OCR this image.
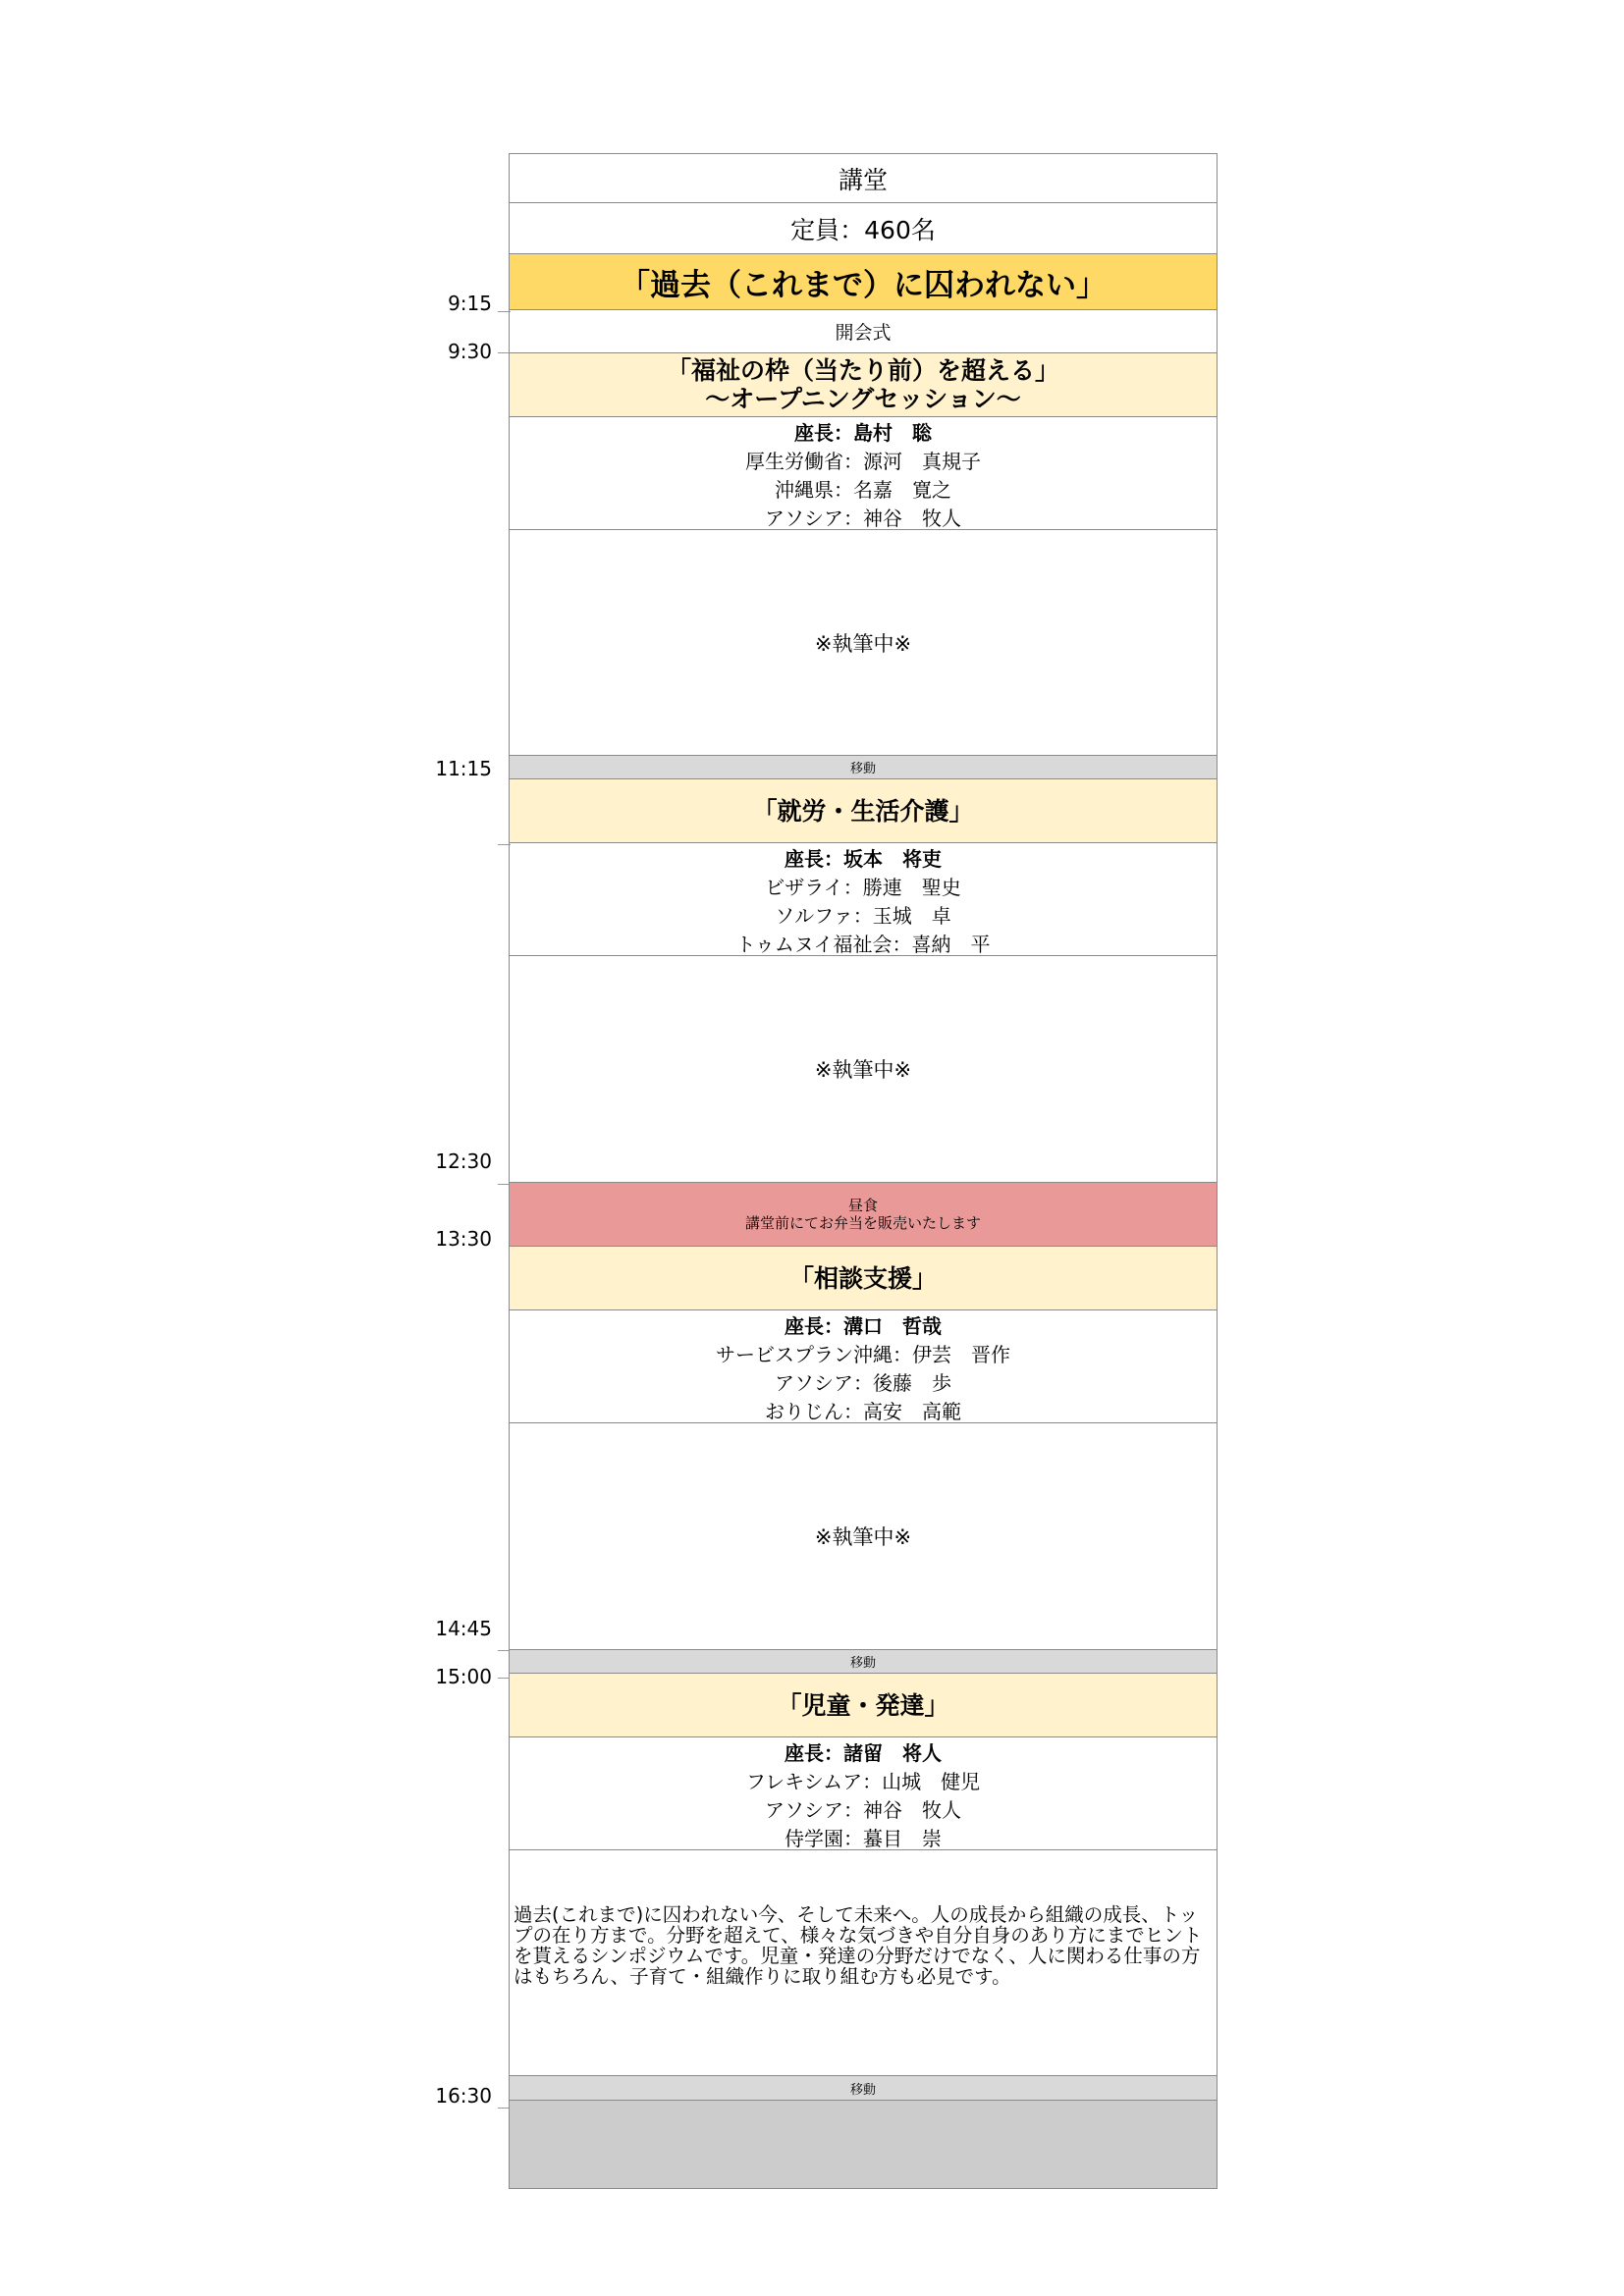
9:15
9:30
11:15
12:30
13:30
14:45
15:00
16:30
講堂
定員：460名
「過去（これまで）に囚われない」
開会式
「福祉の枠（当たり前）を超える」
～オープニングセッション～
座長：島村　聡
厚生労働省：源河　真規子
沖縄県：名嘉　寛之
アソシア：神谷　牧人
※執筆中※
移動
「就労・生活介護」
座長：坂本　将吏
ビザライ：勝連　聖史
ソルファ：玉城　卓
トゥムヌイ福祉会：喜納　平
※執筆中※
昼食
講堂前にてお弁当を販売いたします
「相談支援」
座長：溝口　哲哉
サービスプラン沖縄：伊芸　晋作
アソシア：後藤　歩
おりじん：高安　高範
※執筆中※
移動
「児童・発達」
座長：諸留　将人
フレキシムア：山城　健児
アソシア：神谷　牧人
侍学園：蟇目　崇
過去(これまで)に囚われない今、そして未来へ。人の成長から組織の成長、トップの在り方まで。分野を超えて、様々な気づきや自分自身のあり方にまでヒントを貰えるシンポジウムです。児童・発達の分野だけでなく、人に関わる仕事の方はもちろん、子育て・組織作りに取り組む方も必見です。
移動
